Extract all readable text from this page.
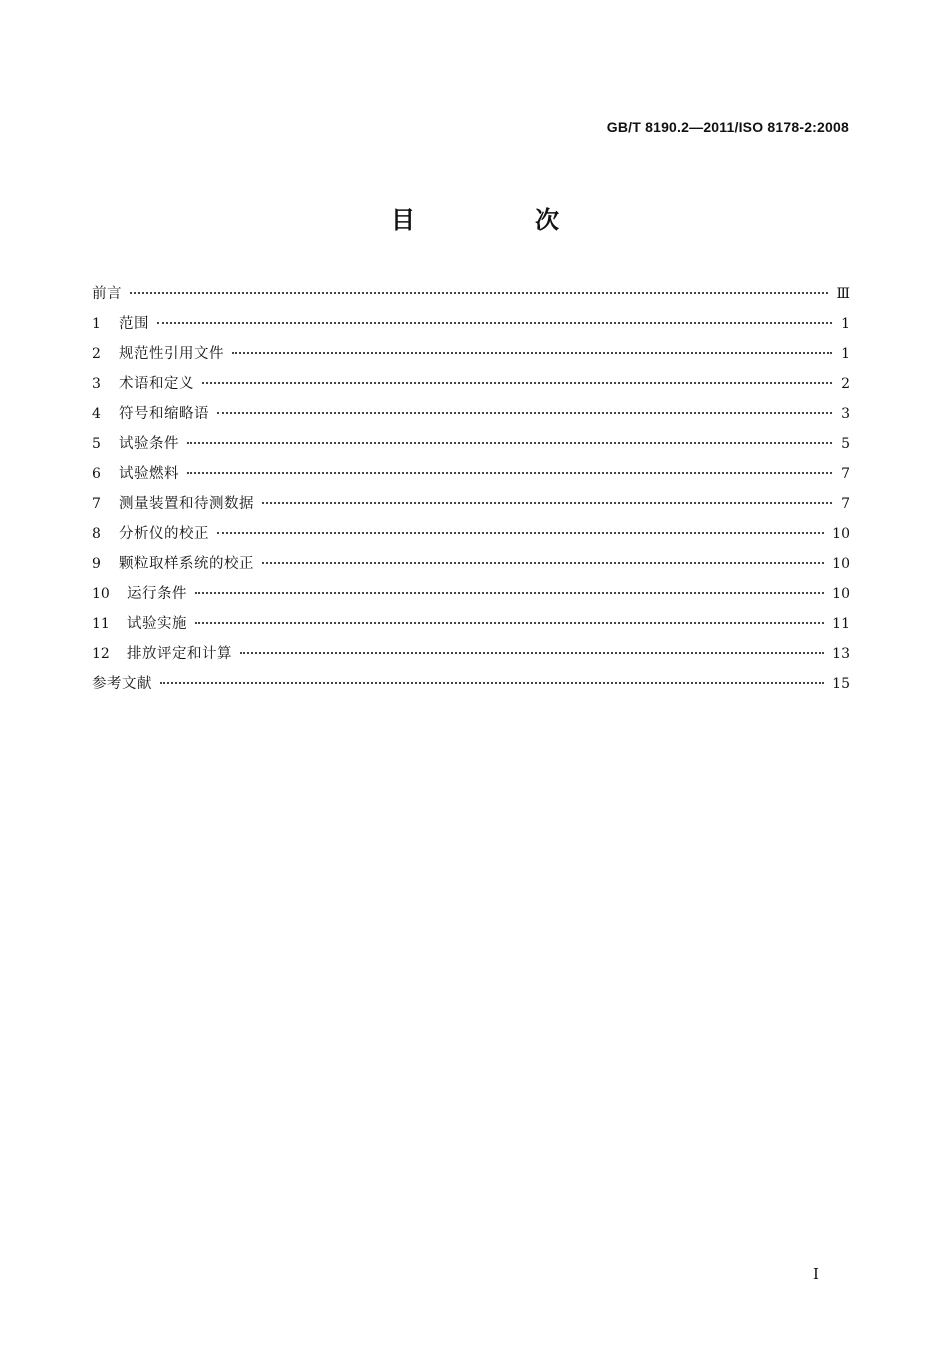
GB/T 8190.2—2011/ISO 8178-2:2008
目　次
前言	Ⅲ
1	范围	1
2	规范性引用文件	1
3	术语和定义	2
4	符号和缩略语	3
5	试验条件	5
6	试验燃料	7
7	测量装置和待测数据	7
8	分析仪的校正	10
9	颗粒取样系统的校正	10
10	运行条件	10
11	试验实施	11
12	排放评定和计算	13
参考文献	15
I
